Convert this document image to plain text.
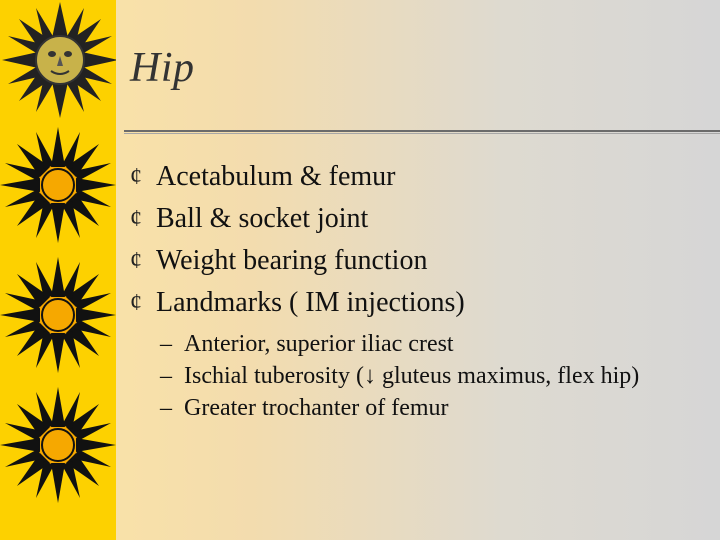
Hip
¢ Acetabulum & femur
¢ Ball & socket joint
¢ Weight bearing function
¢ Landmarks ( IM injections)
– Anterior, superior iliac crest
– Ischial tuberosity (↓ gluteus maximus, flex hip)
– Greater trochanter of femur
